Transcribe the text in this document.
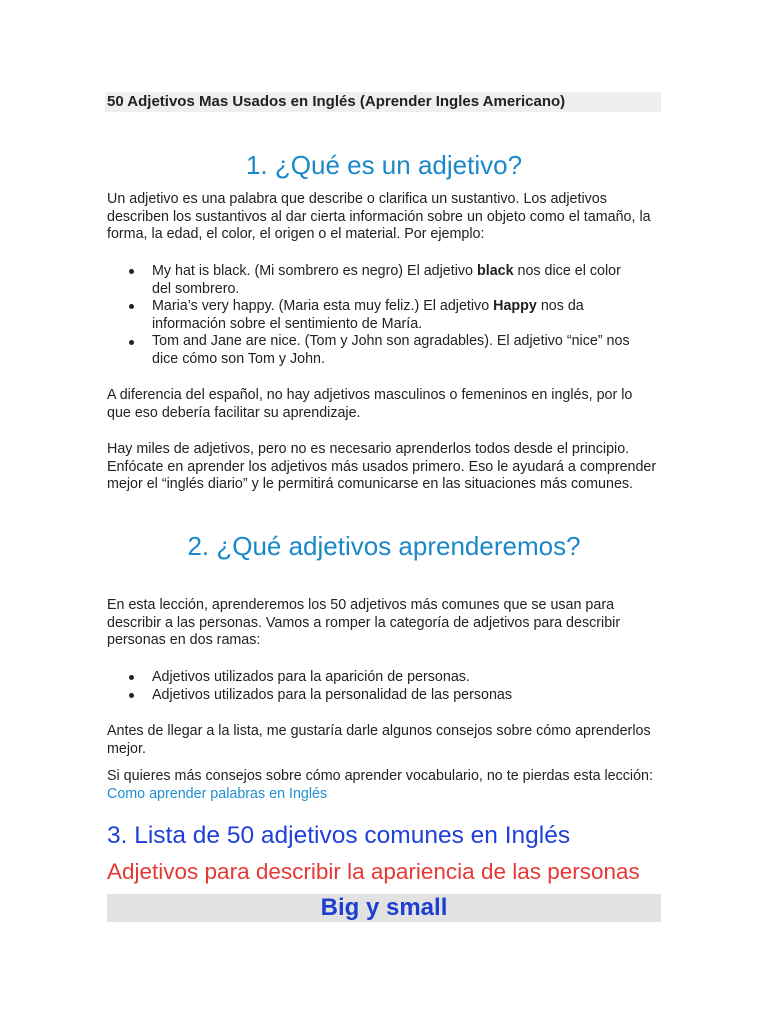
50 Adjetivos Mas Usados en Inglés (Aprender Ingles Americano)
1. ¿Qué es un adjetivo?
Un adjetivo es una palabra que describe o clarifica un sustantivo. Los adjetivos
describen los sustantivos al dar cierta información sobre un objeto como el tamaño, la
forma, la edad, el color, el origen o el material. Por ejemplo:
My hat is black. (Mi sombrero es negro) El adjetivo black nos dice el color
del sombrero.
Maria’s very happy. (Maria esta muy feliz.) El adjetivo Happy nos da
información sobre el sentimiento de María.
Tom and Jane are nice. (Tom y John son agradables). El adjetivo “nice” nos
dice cómo son Tom y John.
A diferencia del español, no hay adjetivos masculinos o femeninos en inglés, por lo
que eso debería facilitar su aprendizaje.
Hay miles de adjetivos, pero no es necesario aprenderlos todos desde el principio.
Enfócate en aprender los adjetivos más usados primero. Eso le ayudará a comprender
mejor el “inglés diario” y le permitirá comunicarse en las situaciones más comunes.
2. ¿Qué adjetivos aprenderemos?
En esta lección, aprenderemos los 50 adjetivos más comunes que se usan para
describir a las personas. Vamos a romper la categoría de adjetivos para describir
personas en dos ramas:
Adjetivos utilizados para la aparición de personas.
Adjetivos utilizados para la personalidad de las personas
Antes de llegar a la lista, me gustaría darle algunos consejos sobre cómo aprenderlos
mejor.
Si quieres más consejos sobre cómo aprender vocabulario, no te pierdas esta lección:
Como aprender palabras en Inglés
3. Lista de 50 adjetivos comunes en Inglés
Adjetivos para describir la apariencia de las personas
Big y small
